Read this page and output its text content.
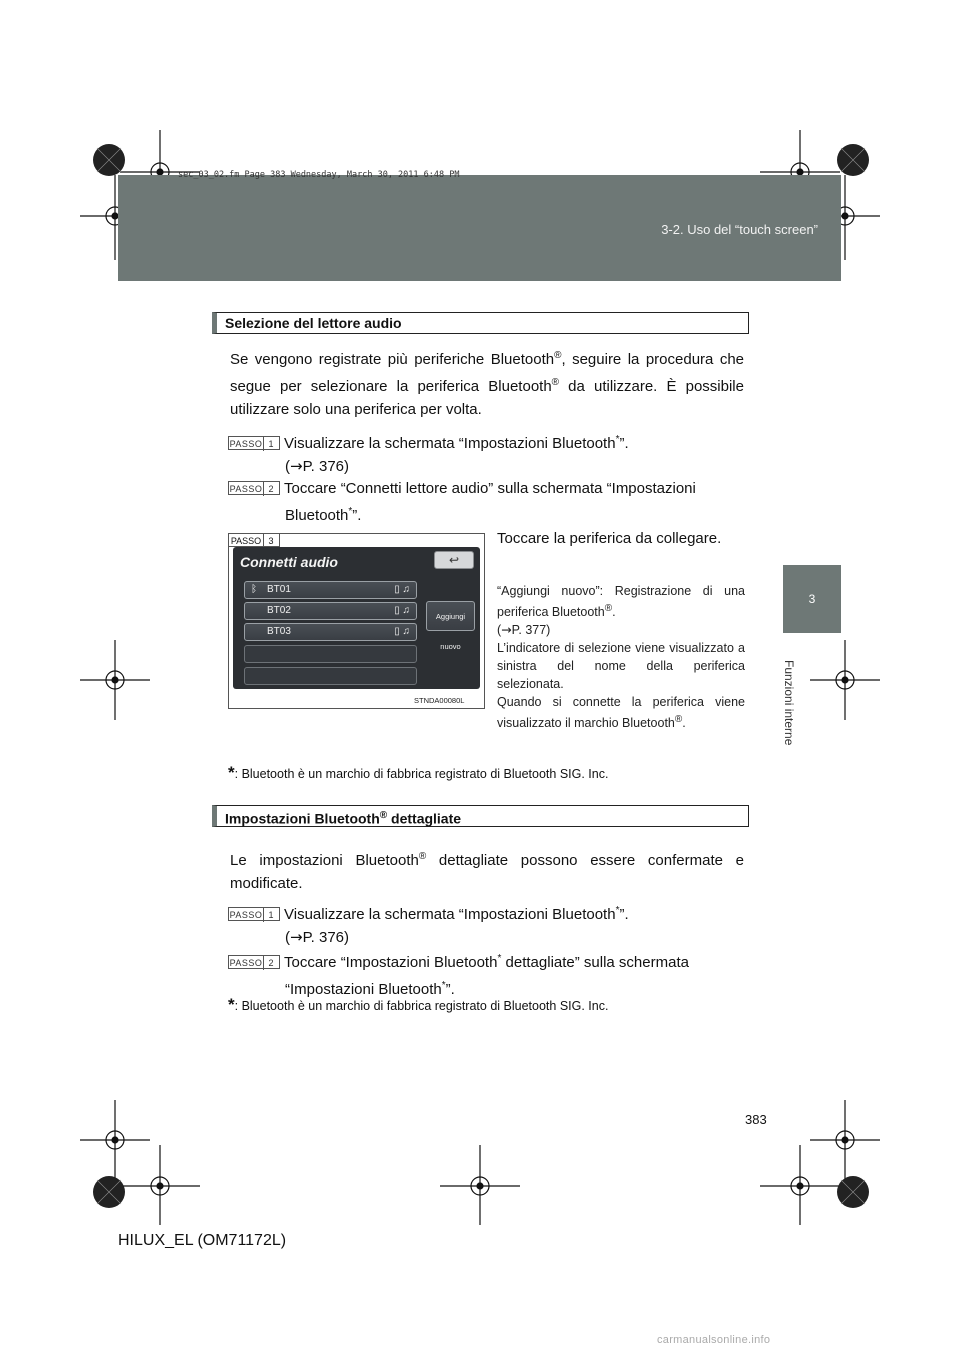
3-2. Uso del “touch screen”
sec_03_02.fm Page 383 Wednesday, March 30, 2011 6:48 PM
3
Funzioni interne
Selezione del lettore audio
Se vengono registrate più periferiche Bluetooth®, seguire la procedura che segue per selezionare la periferica Bluetooth® da utilizzare. È possibile utilizzare solo una periferica per volta.
PASSO 1 Visualizzare la schermata “Impostazioni Bluetooth*”.
(→P. 376)
PASSO 2 Toccare “Connetti lettore audio” sulla schermata “Impostazioni
Bluetooth*”.
PASSO 3
Connetti audio	↩
ᛒ BT01	▯ ♫
BT02	▯ ♫
BT03	▯ ♫
Aggiungi nuovo
STNDA00080L
Toccare la periferica da collegare.
“Aggiungi nuovo”: Registrazione di una periferica Bluetooth®.
(→P. 377)
L’indicatore di selezione viene visualizzato a sinistra del nome della periferica selezionata.
Quando si connette la periferica viene visualizzato il marchio Bluetooth®.
*: Bluetooth è un marchio di fabbrica registrato di Bluetooth SIG. Inc.
Impostazioni Bluetooth® dettagliate
Le impostazioni Bluetooth® dettagliate possono essere confermate e modificate.
PASSO 1 Visualizzare la schermata “Impostazioni Bluetooth*”.
(→P. 376)
PASSO 2 Toccare “Impostazioni Bluetooth* dettagliate” sulla schermata
“Impostazioni Bluetooth*”.
*: Bluetooth è un marchio di fabbrica registrato di Bluetooth SIG. Inc.
383
HILUX_EL (OM71172L)
carmanualsonline.info
